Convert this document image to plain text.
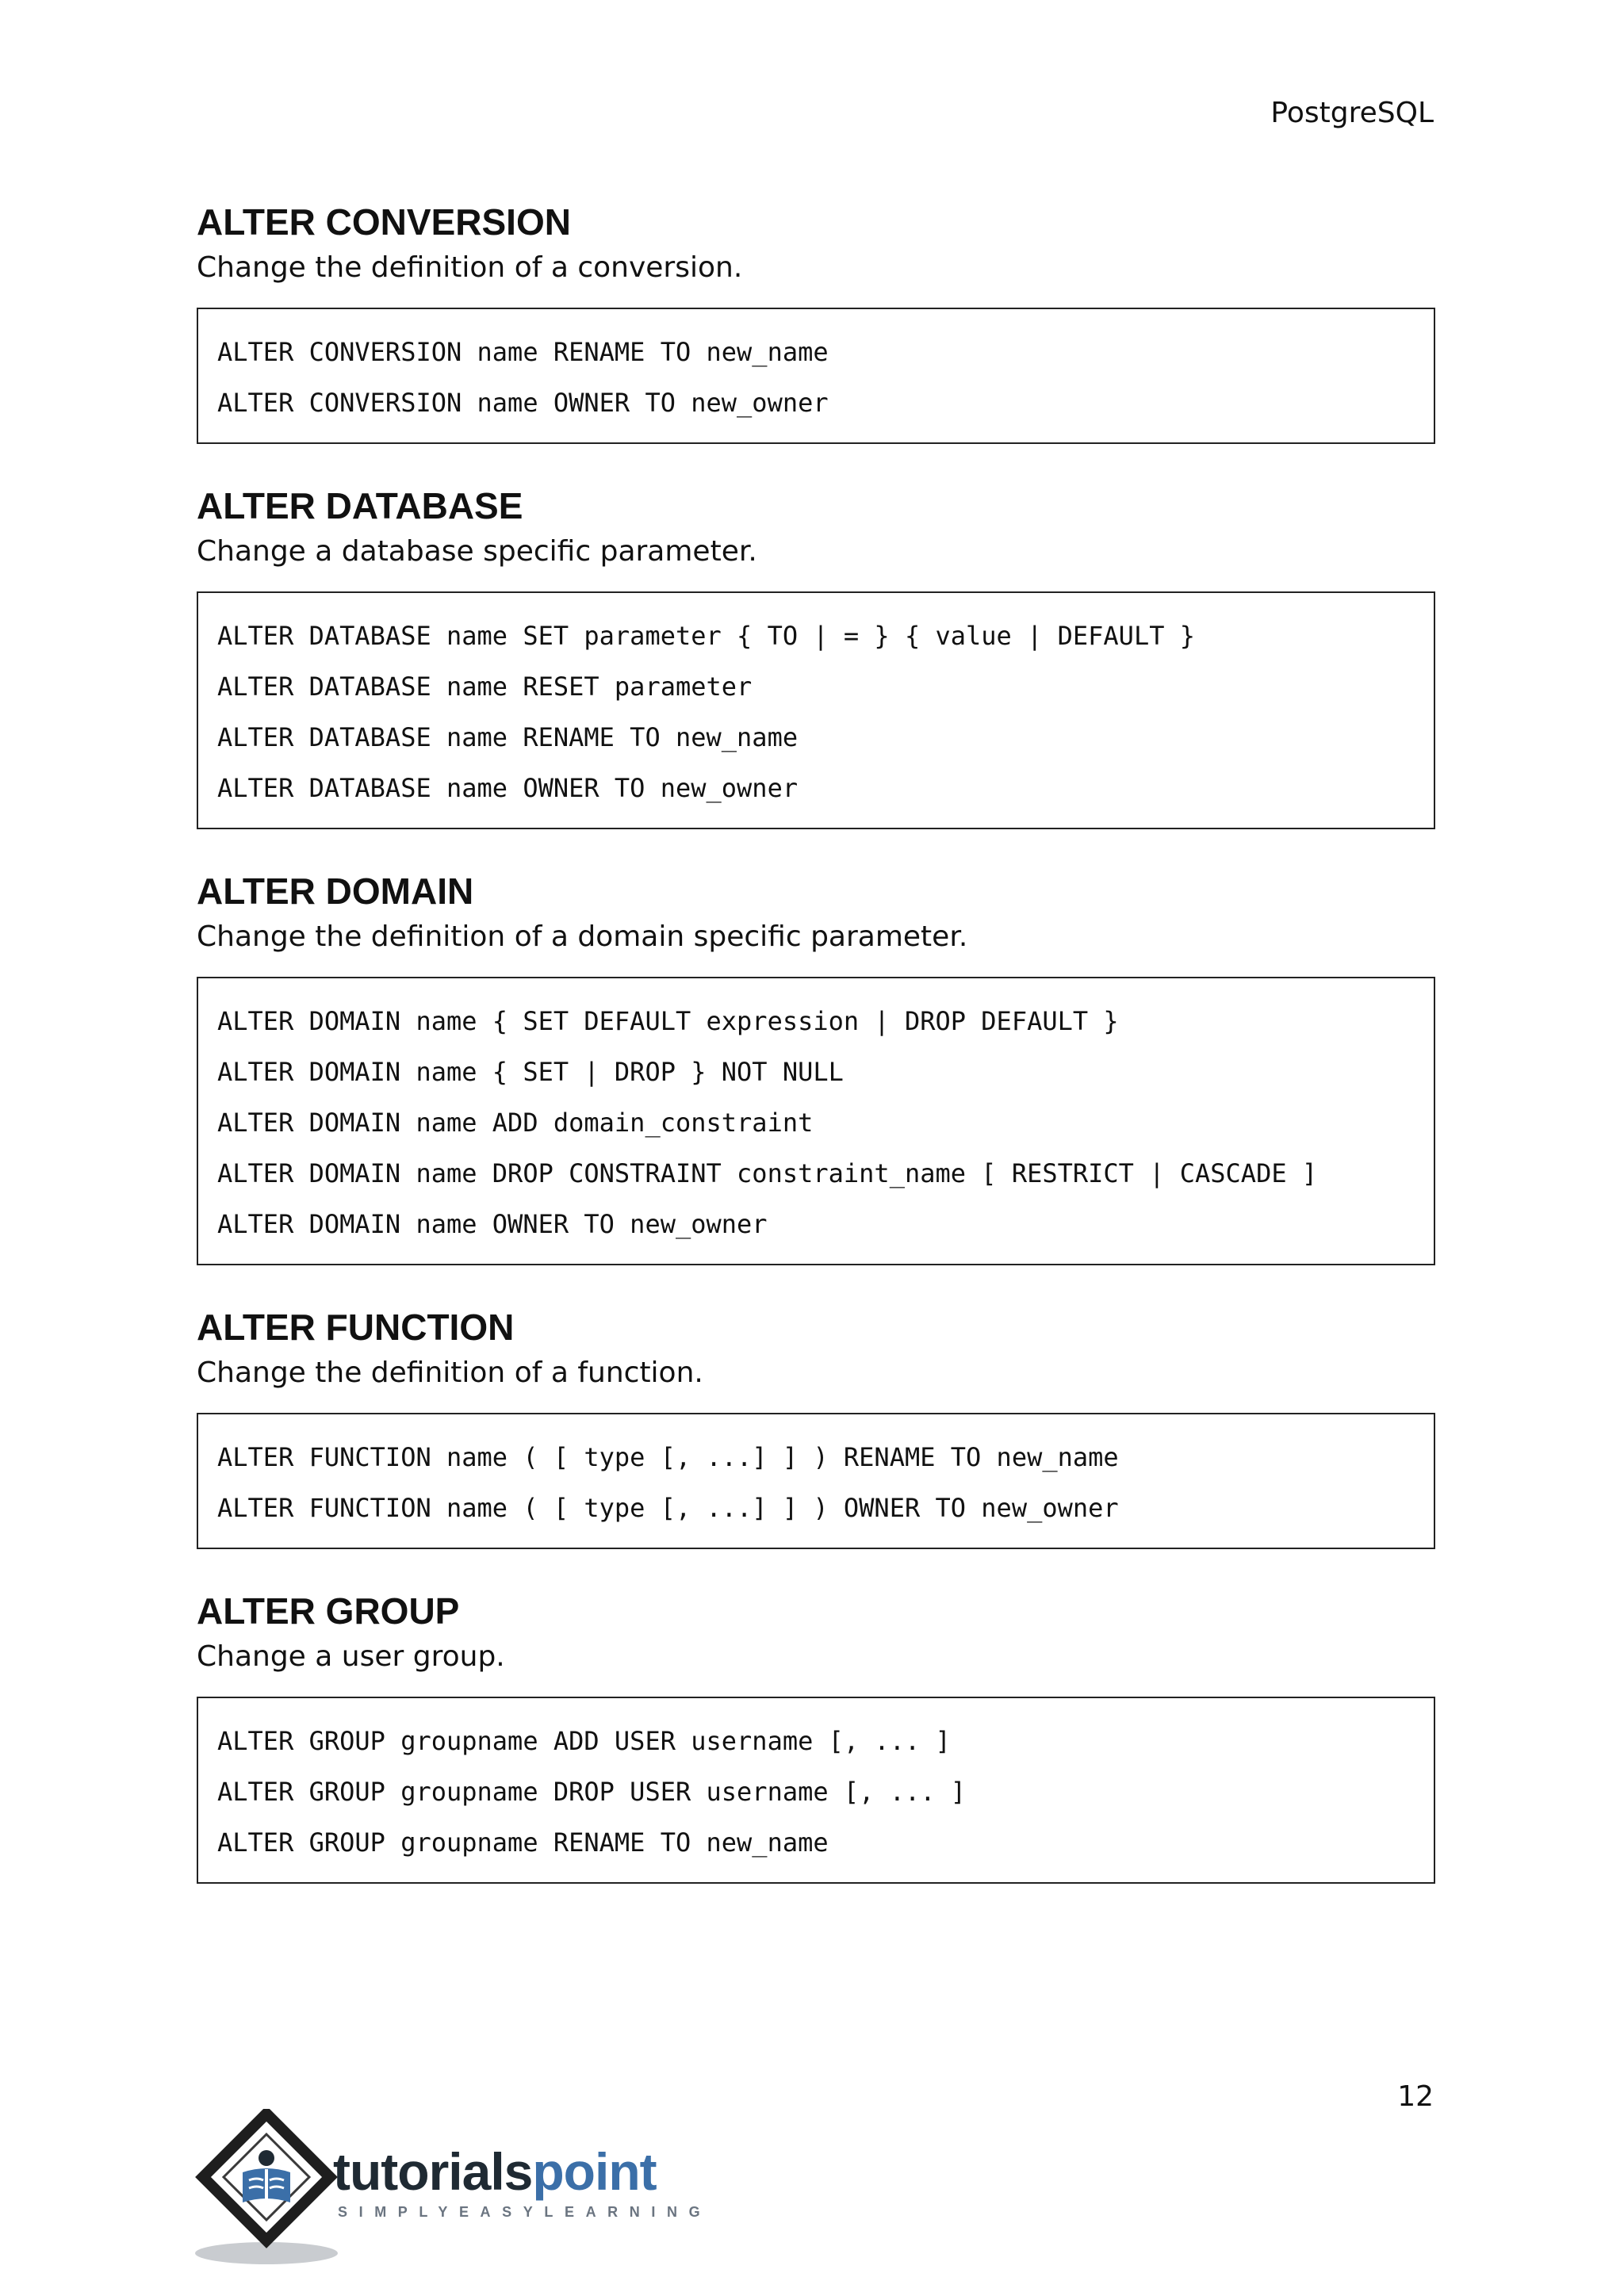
PostgreSQL
ALTER CONVERSION

Change the definition of a conversion.

ALTER CONVERSION name RENAME TO new_name
ALTER CONVERSION name OWNER TO new_owner
ALTER DATABASE

Change a database specific parameter.

ALTER DATABASE name SET parameter { TO | = } { value | DEFAULT }
ALTER DATABASE name RESET parameter
ALTER DATABASE name RENAME TO new_name
ALTER DATABASE name OWNER TO new_owner
ALTER DOMAIN

Change the definition of a domain specific parameter.

ALTER DOMAIN name { SET DEFAULT expression | DROP DEFAULT }
ALTER DOMAIN name { SET | DROP } NOT NULL
ALTER DOMAIN name ADD domain_constraint
ALTER DOMAIN name DROP CONSTRAINT constraint_name [ RESTRICT | CASCADE ]
ALTER DOMAIN name OWNER TO new_owner
ALTER FUNCTION

Change the definition of a function.

ALTER FUNCTION name ( [ type [, ...] ] ) RENAME TO new_name
ALTER FUNCTION name ( [ type [, ...] ] ) OWNER TO new_owner
ALTER GROUP

Change a user group.

ALTER GROUP groupname ADD USER username [, ... ]
ALTER GROUP groupname DROP USER username [, ... ]
ALTER GROUP groupname RENAME TO new_name
12
tutorialspoint
SIMPLYEASYLEARNING
